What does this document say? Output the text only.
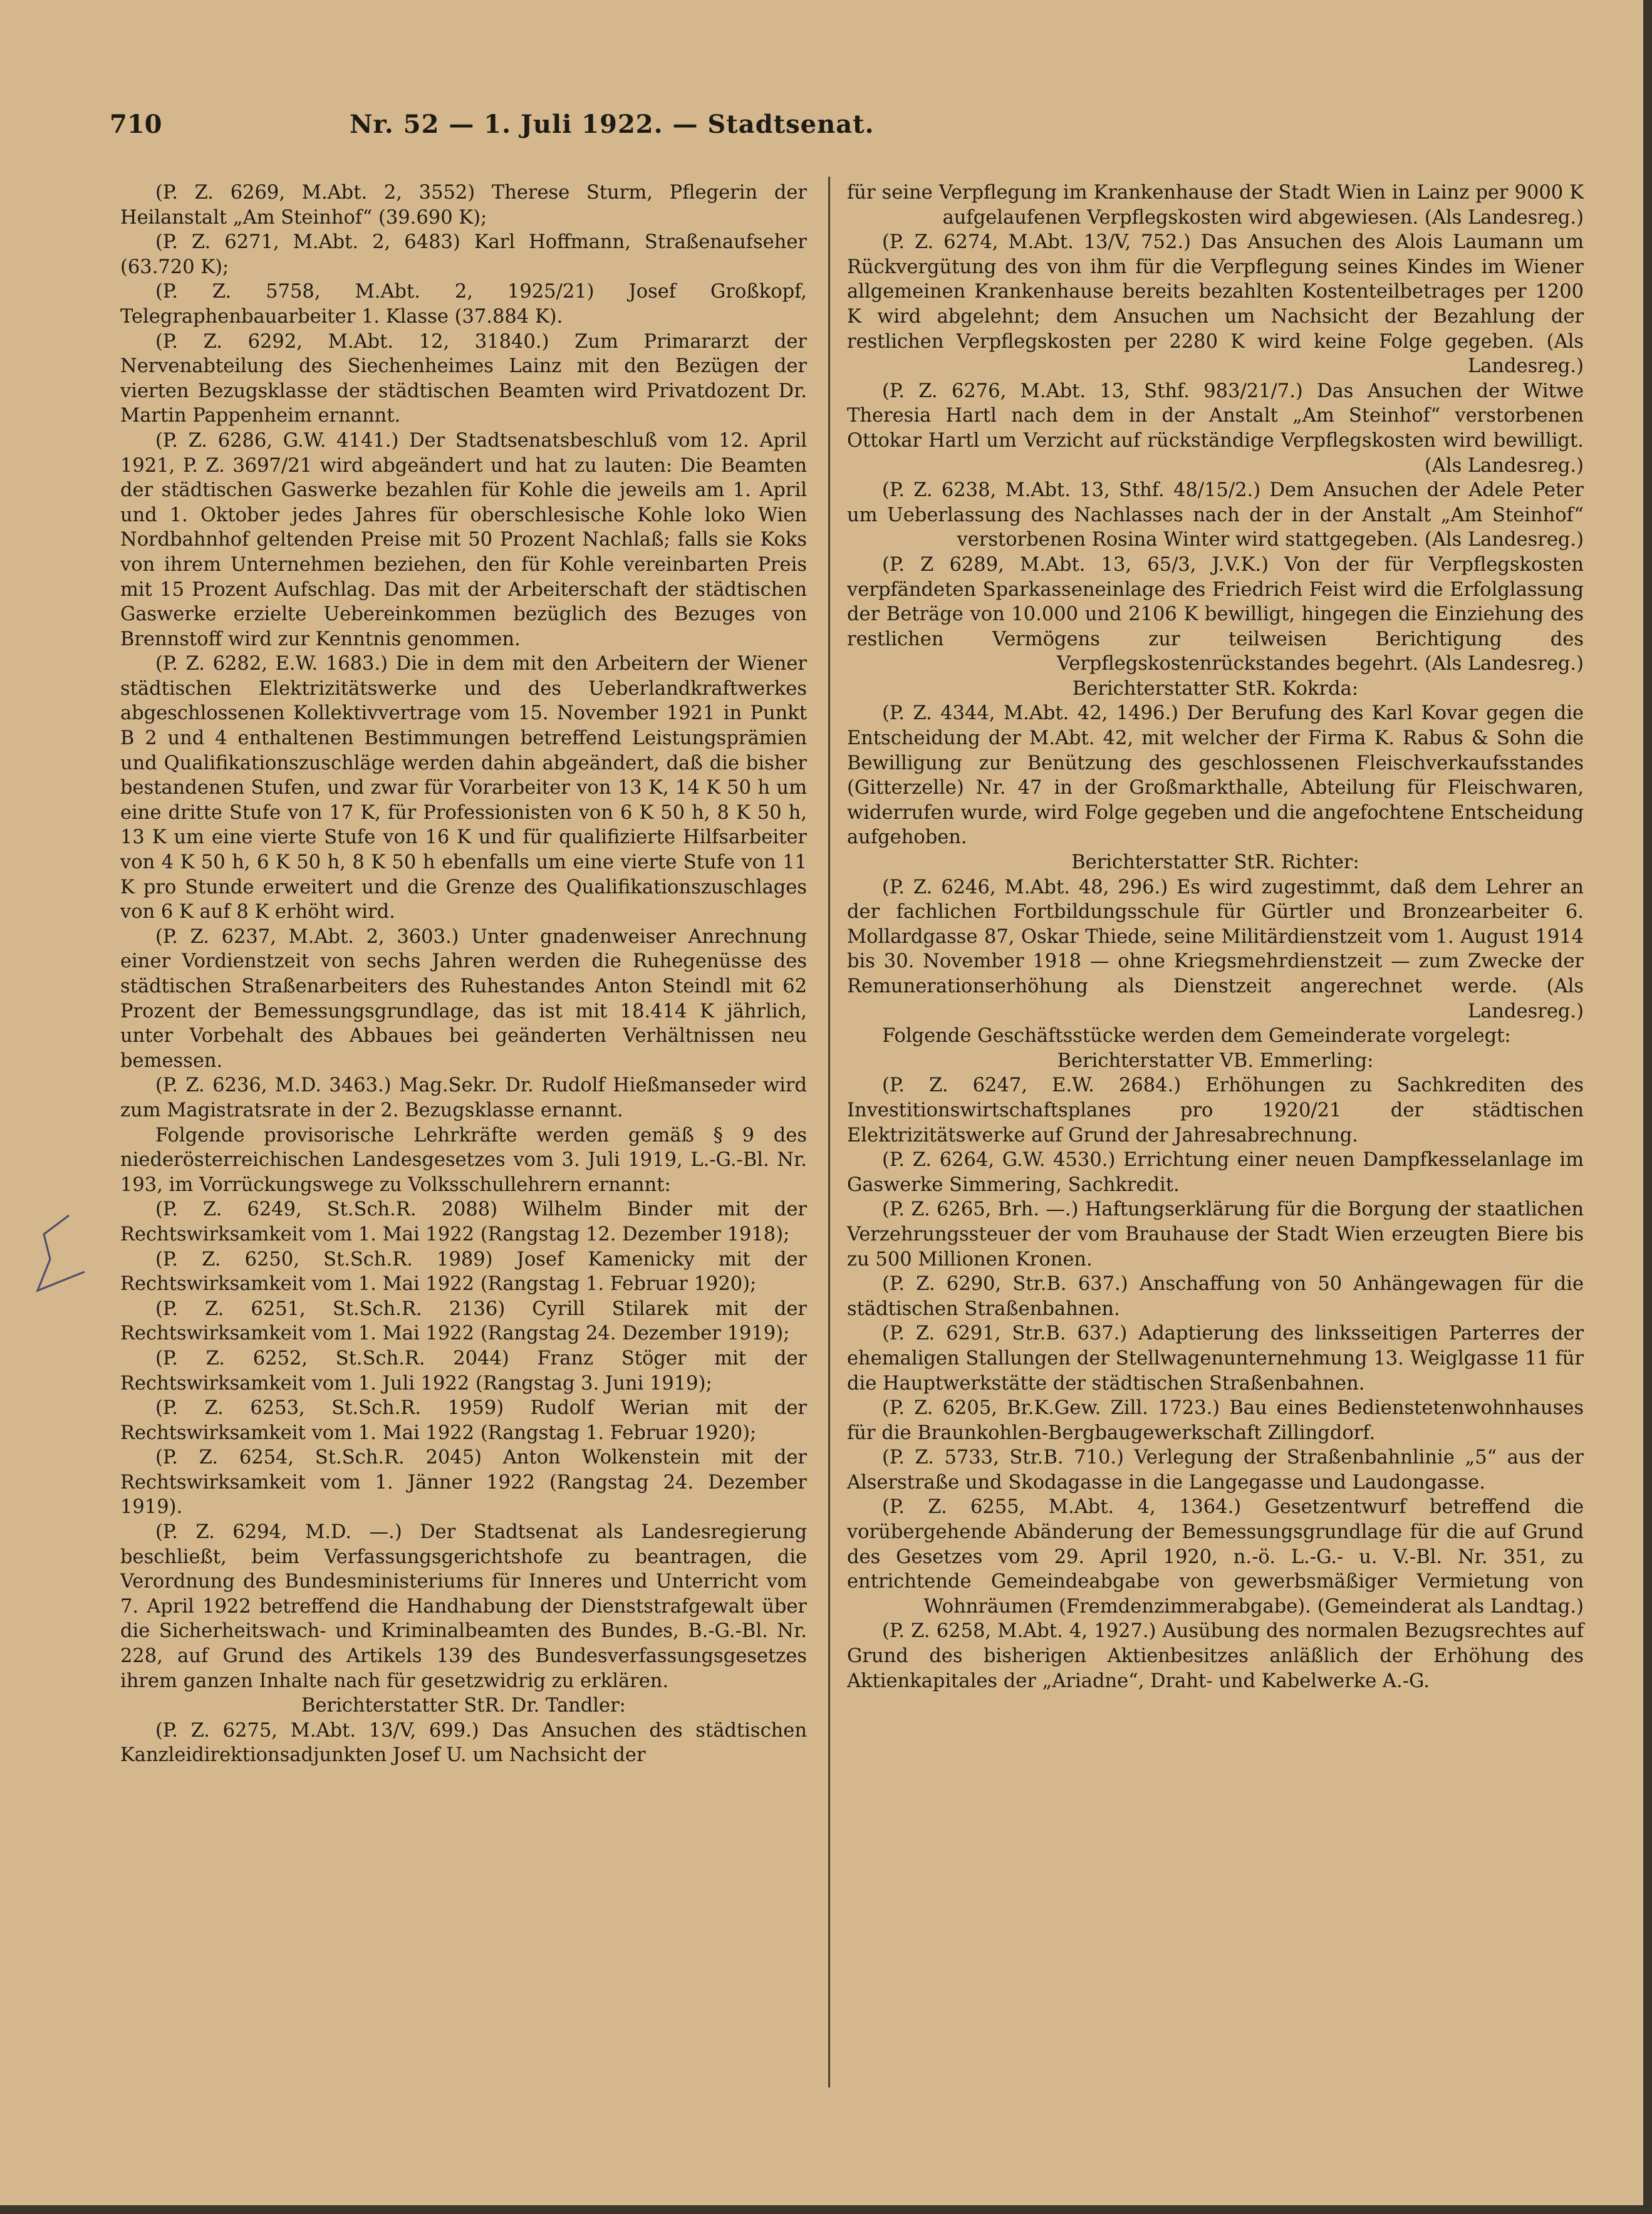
710	Nr. 52 — 1. Juli 1922. — Stadtsenat.

(P. Z. 6269, M.Abt. 2, 3552) Therese Sturm, Pflegerin der Heilanstalt „Am Steinhof“ (39.690 K);

(P. Z. 6271, M.Abt. 2, 6483) Karl Hoffmann, Straßenaufseher (63.720 K);

(P. Z. 5758, M.Abt. 2, 1925/21) Josef Großkopf, Telegraphenbauarbeiter 1. Klasse (37.884 K).

(P. Z. 6292, M.Abt. 12, 31840.) Zum Primararzt der Nervenabteilung des Siechenheimes Lainz mit den Bezügen der vierten Bezugsklasse der städtischen Beamten wird Privatdozent Dr. Martin Pappenheim ernannt.

(P. Z. 6286, G.W. 4141.) Der Stadtsenatsbeschluß vom 12. April 1921, P. Z. 3697/21 wird abgeändert und hat zu lauten: Die Beamten der städtischen Gaswerke bezahlen für Kohle die jeweils am 1. April und 1. Oktober jedes Jahres für oberschlesische Kohle loko Wien Nordbahnhof geltenden Preise mit 50 Prozent Nachlaß; falls sie Koks von ihrem Unternehmen beziehen, den für Kohle vereinbarten Preis mit 15 Prozent Aufschlag. Das mit der Arbeiterschaft der städtischen Gaswerke erzielte Uebereinkommen bezüglich des Bezuges von Brennstoff wird zur Kenntnis genommen.

(P. Z. 6282, E.W. 1683.) Die in dem mit den Arbeitern der Wiener städtischen Elektrizitätswerke und des Ueberlandkraftwerkes abgeschlossenen Kollektivvertrage vom 15. November 1921 in Punkt B 2 und 4 enthaltenen Bestimmungen betreffend Leistungsprämien und Qualifikationszuschläge werden dahin abgeändert, daß die bisher bestandenen Stufen, und zwar für Vorarbeiter von 13 K, 14 K 50 h um eine dritte Stufe von 17 K, für Professionisten von 6 K 50 h, 8 K 50 h, 13 K um eine vierte Stufe von 16 K und für qualifizierte Hilfsarbeiter von 4 K 50 h, 6 K 50 h, 8 K 50 h ebenfalls um eine vierte Stufe von 11 K pro Stunde erweitert und die Grenze des Qualifikationszuschlages von 6 K auf 8 K erhöht wird.

(P. Z. 6237, M.Abt. 2, 3603.) Unter gnadenweiser Anrechnung einer Vordienstzeit von sechs Jahren werden die Ruhegenüsse des städtischen Straßenarbeiters des Ruhestandes Anton Steindl mit 62 Prozent der Bemessungsgrundlage, das ist mit 18.414 K jährlich, unter Vorbehalt des Abbaues bei geänderten Verhältnissen neu bemessen.

(P. Z. 6236, M.D. 3463.) Mag.Sekr. Dr. Rudolf Hießmanseder wird zum Magistratsrate in der 2. Bezugsklasse ernannt.

Folgende provisorische Lehrkräfte werden gemäß § 9 des niederösterreichischen Landesgesetzes vom 3. Juli 1919, L.-G.-Bl. Nr. 193, im Vorrückungswege zu Volksschullehrern ernannt:

(P. Z. 6249, St.Sch.R. 2088) Wilhelm Binder mit der Rechtswirksamkeit vom 1. Mai 1922 (Rangstag 12. Dezember 1918);

(P. Z. 6250, St.Sch.R. 1989) Josef Kamenicky mit der Rechtswirksamkeit vom 1. Mai 1922 (Rangstag 1. Februar 1920);

(P. Z. 6251, St.Sch.R. 2136) Cyrill Stilarek mit der Rechtswirksamkeit vom 1. Mai 1922 (Rangstag 24. Dezember 1919);

(P. Z. 6252, St.Sch.R. 2044) Franz Stöger mit der Rechtswirksamkeit vom 1. Juli 1922 (Rangstag 3. Juni 1919);

(P. Z. 6253, St.Sch.R. 1959) Rudolf Werian mit der Rechtswirksamkeit vom 1. Mai 1922 (Rangstag 1. Februar 1920);

(P. Z. 6254, St.Sch.R. 2045) Anton Wolkenstein mit der Rechtswirksamkeit vom 1. Jänner 1922 (Rangstag 24. Dezember 1919).

(P. Z. 6294, M.D. —.) Der Stadtsenat als Landesregierung beschließt, beim Verfassungsgerichtshofe zu beantragen, die Verordnung des Bundesministeriums für Inneres und Unterricht vom 7. April 1922 betreffend die Handhabung der Dienststrafgewalt über die Sicherheitswach- und Kriminalbeamten des Bundes, B.-G.-Bl. Nr. 228, auf Grund des Artikels 139 des Bundesverfassungsgesetzes ihrem ganzen Inhalte nach für gesetzwidrig zu erklären.

Berichterstatter StR. Dr. Tandler:

(P. Z. 6275, M.Abt. 13/V, 699.) Das Ansuchen des städtischen Kanzleidirektionsadjunkten Josef U. um Nachsicht der

für seine Verpflegung im Krankenhause der Stadt Wien in Lainz per 9000 K aufgelaufenen Verpflegskosten wird abgewiesen. (Als Landesreg.)

(P. Z. 6274, M.Abt. 13/V, 752.) Das Ansuchen des Alois Laumann um Rückvergütung des von ihm für die Verpflegung seines Kindes im Wiener allgemeinen Krankenhause bereits bezahlten Kostenteilbetrages per 1200 K wird abgelehnt; dem Ansuchen um Nachsicht der Bezahlung der restlichen Verpflegskosten per 2280 K wird keine Folge gegeben. (Als Landesreg.)

(P. Z. 6276, M.Abt. 13, Sthf. 983/21/7.) Das Ansuchen der Witwe Theresia Hartl nach dem in der Anstalt „Am Steinhof“ verstorbenen Ottokar Hartl um Verzicht auf rückständige Verpflegskosten wird bewilligt. (Als Landesreg.)

(P. Z. 6238, M.Abt. 13, Sthf. 48/15/2.) Dem Ansuchen der Adele Peter um Ueberlassung des Nachlasses nach der in der Anstalt „Am Steinhof“ verstorbenen Rosina Winter wird stattgegeben. (Als Landesreg.)

(P. Z 6289, M.Abt. 13, 65/3, J.V.K.) Von der für Verpflegskosten verpfändeten Sparkasseneinlage des Friedrich Feist wird die Erfolglassung der Beträge von 10.000 und 2106 K bewilligt, hingegen die Einziehung des restlichen Vermögens zur teilweisen Berichtigung des Verpflegskostenrückstandes begehrt. (Als Landesreg.)

Berichterstatter StR. Kokrda:

(P. Z. 4344, M.Abt. 42, 1496.) Der Berufung des Karl Kovar gegen die Entscheidung der M.Abt. 42, mit welcher der Firma K. Rabus & Sohn die Bewilligung zur Benützung des geschlossenen Fleischverkaufsstandes (Gitterzelle) Nr. 47 in der Großmarkthalle, Abteilung für Fleischwaren, widerrufen wurde, wird Folge gegeben und die angefochtene Entscheidung aufgehoben.

Berichterstatter StR. Richter:

(P. Z. 6246, M.Abt. 48, 296.) Es wird zugestimmt, daß dem Lehrer an der fachlichen Fortbildungsschule für Gürtler und Bronzearbeiter 6. Mollardgasse 87, Oskar Thiede, seine Militärdienstzeit vom 1. August 1914 bis 30. November 1918 — ohne Kriegsmehrdienstzeit — zum Zwecke der Remunerationserhöhung als Dienstzeit angerechnet werde. (Als Landesreg.)

Folgende Geschäftsstücke werden dem Gemeinderate vorgelegt:

Berichterstatter VB. Emmerling:

(P. Z. 6247, E.W. 2684.) Erhöhungen zu Sachkrediten des Investitionswirtschaftsplanes pro 1920/21 der städtischen Elektrizitätswerke auf Grund der Jahresabrechnung.

(P. Z. 6264, G.W. 4530.) Errichtung einer neuen Dampfkesselanlage im Gaswerke Simmering, Sachkredit.

(P. Z. 6265, Brh. —.) Haftungserklärung für die Borgung der staatlichen Verzehrungssteuer der vom Brauhause der Stadt Wien erzeugten Biere bis zu 500 Millionen Kronen.

(P. Z. 6290, Str.B. 637.) Anschaffung von 50 Anhängewagen für die städtischen Straßenbahnen.

(P. Z. 6291, Str.B. 637.) Adaptierung des linksseitigen Parterres der ehemaligen Stallungen der Stellwagenunternehmung 13. Weiglgasse 11 für die Hauptwerkstätte der städtischen Straßenbahnen.

(P. Z. 6205, Br.K.Gew. Zill. 1723.) Bau eines Bedienstetenwohnhauses für die Braunkohlen-Bergbaugewerkschaft Zillingdorf.

(P. Z. 5733, Str.B. 710.) Verlegung der Straßenbahnlinie „5“ aus der Alserstraße und Skodagasse in die Langegasse und Laudongasse.

(P. Z. 6255, M.Abt. 4, 1364.) Gesetzentwurf betreffend die vorübergehende Abänderung der Bemessungsgrundlage für die auf Grund des Gesetzes vom 29. April 1920, n.-ö. L.-G.- u. V.-Bl. Nr. 351, zu entrichtende Gemeindeabgabe von gewerbsmäßiger Vermietung von Wohnräumen (Fremdenzimmerabgabe). (Gemeinderat als Landtag.)

(P. Z. 6258, M.Abt. 4, 1927.) Ausübung des normalen Bezugsrechtes auf Grund des bisherigen Aktienbesitzes anläßlich der Erhöhung des Aktienkapitales der „Ariadne“, Draht- und Kabelwerke A.-G.
